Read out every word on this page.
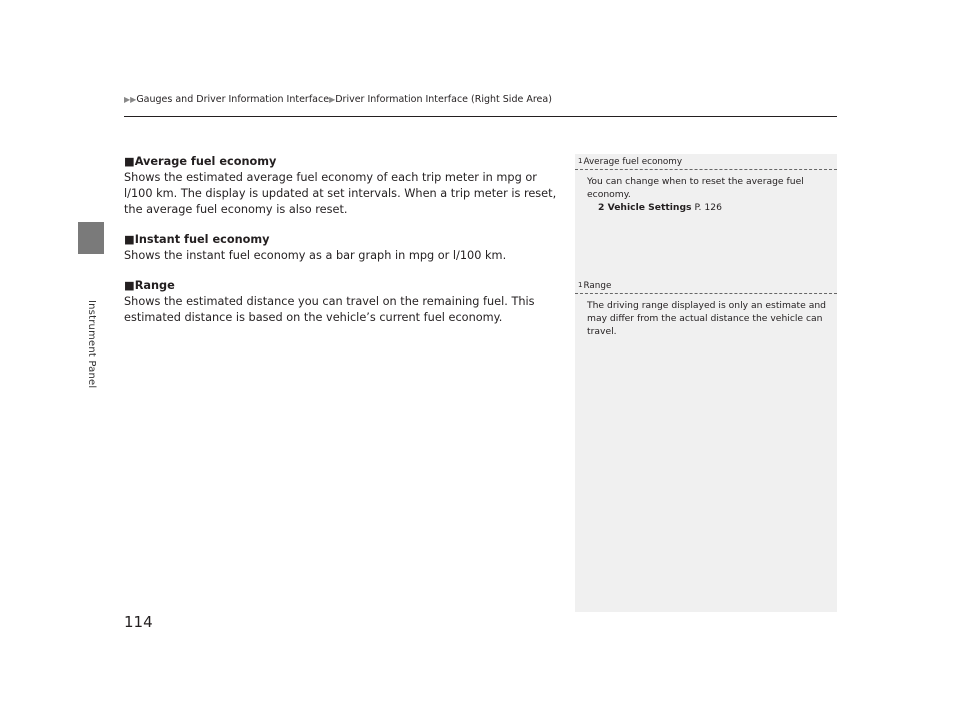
Instrument Panel
▶▶Gauges and Driver Information Interface▶Driver Information Interface (Right Side Area)

■Average fuel economy
Shows the estimated average fuel economy of each trip meter in mpg or l/100 km. The display is updated at set intervals. When a trip meter is reset, the average fuel economy is also reset.

■Instant fuel economy
Shows the instant fuel economy as a bar graph in mpg or l/100 km.

■Range
Shows the estimated distance you can travel on the remaining fuel. This estimated distance is based on the vehicle’s current fuel economy.

1Average fuel economy
You can change when to reset the average fuel economy.
2 Vehicle Settings P. 126
1Range
The driving range displayed is only an estimate and may differ from the actual distance the vehicle can travel.
114
